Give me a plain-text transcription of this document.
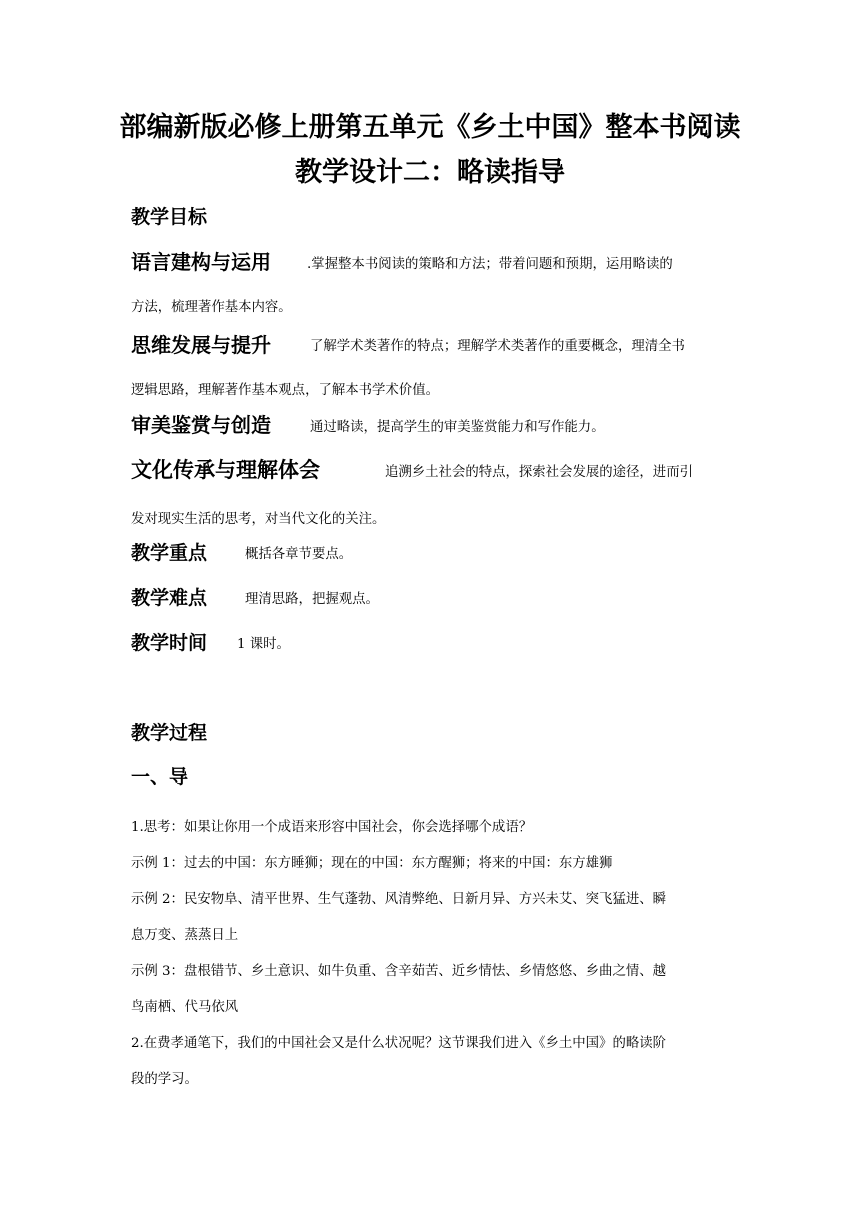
部编新版必修上册第五单元《乡土中国》整本书阅读
教学设计二：略读指导
教学目标
语言建构与运用	.掌握整本书阅读的策略和方法；带着问题和预期，运用略读的
方法，梳理著作基本内容。
思维发展与提升	了解学术类著作的特点；理解学术类著作的重要概念，理清全书
逻辑思路，理解著作基本观点，了解本书学术价值。
审美鉴赏与创造	通过略读，提高学生的审美鉴赏能力和写作能力。
文化传承与理解体会	追溯乡土社会的特点，探索社会发展的途径，进而引
发对现实生活的思考，对当代文化的关注。
教学重点	概括各章节要点。
教学难点	理清思路，把握观点。
教学时间 1 课时。
教学过程
一、导
1.思考：如果让你用一个成语来形容中国社会，你会选择哪个成语？
示例 1：过去的中国：东方睡狮；现在的中国：东方醒狮；将来的中国：东方雄狮
示例 2：民安物阜、清平世界、生气蓬勃、风清弊绝、日新月异、方兴未艾、突飞猛进、瞬
息万变、蒸蒸日上
示例 3：盘根错节、乡土意识、如牛负重、含辛茹苦、近乡情怯、乡情悠悠、乡曲之情、越
鸟南栖、代马依风
2.在费孝通笔下，我们的中国社会又是什么状况呢？这节课我们进入《乡土中国》的略读阶
段的学习。
